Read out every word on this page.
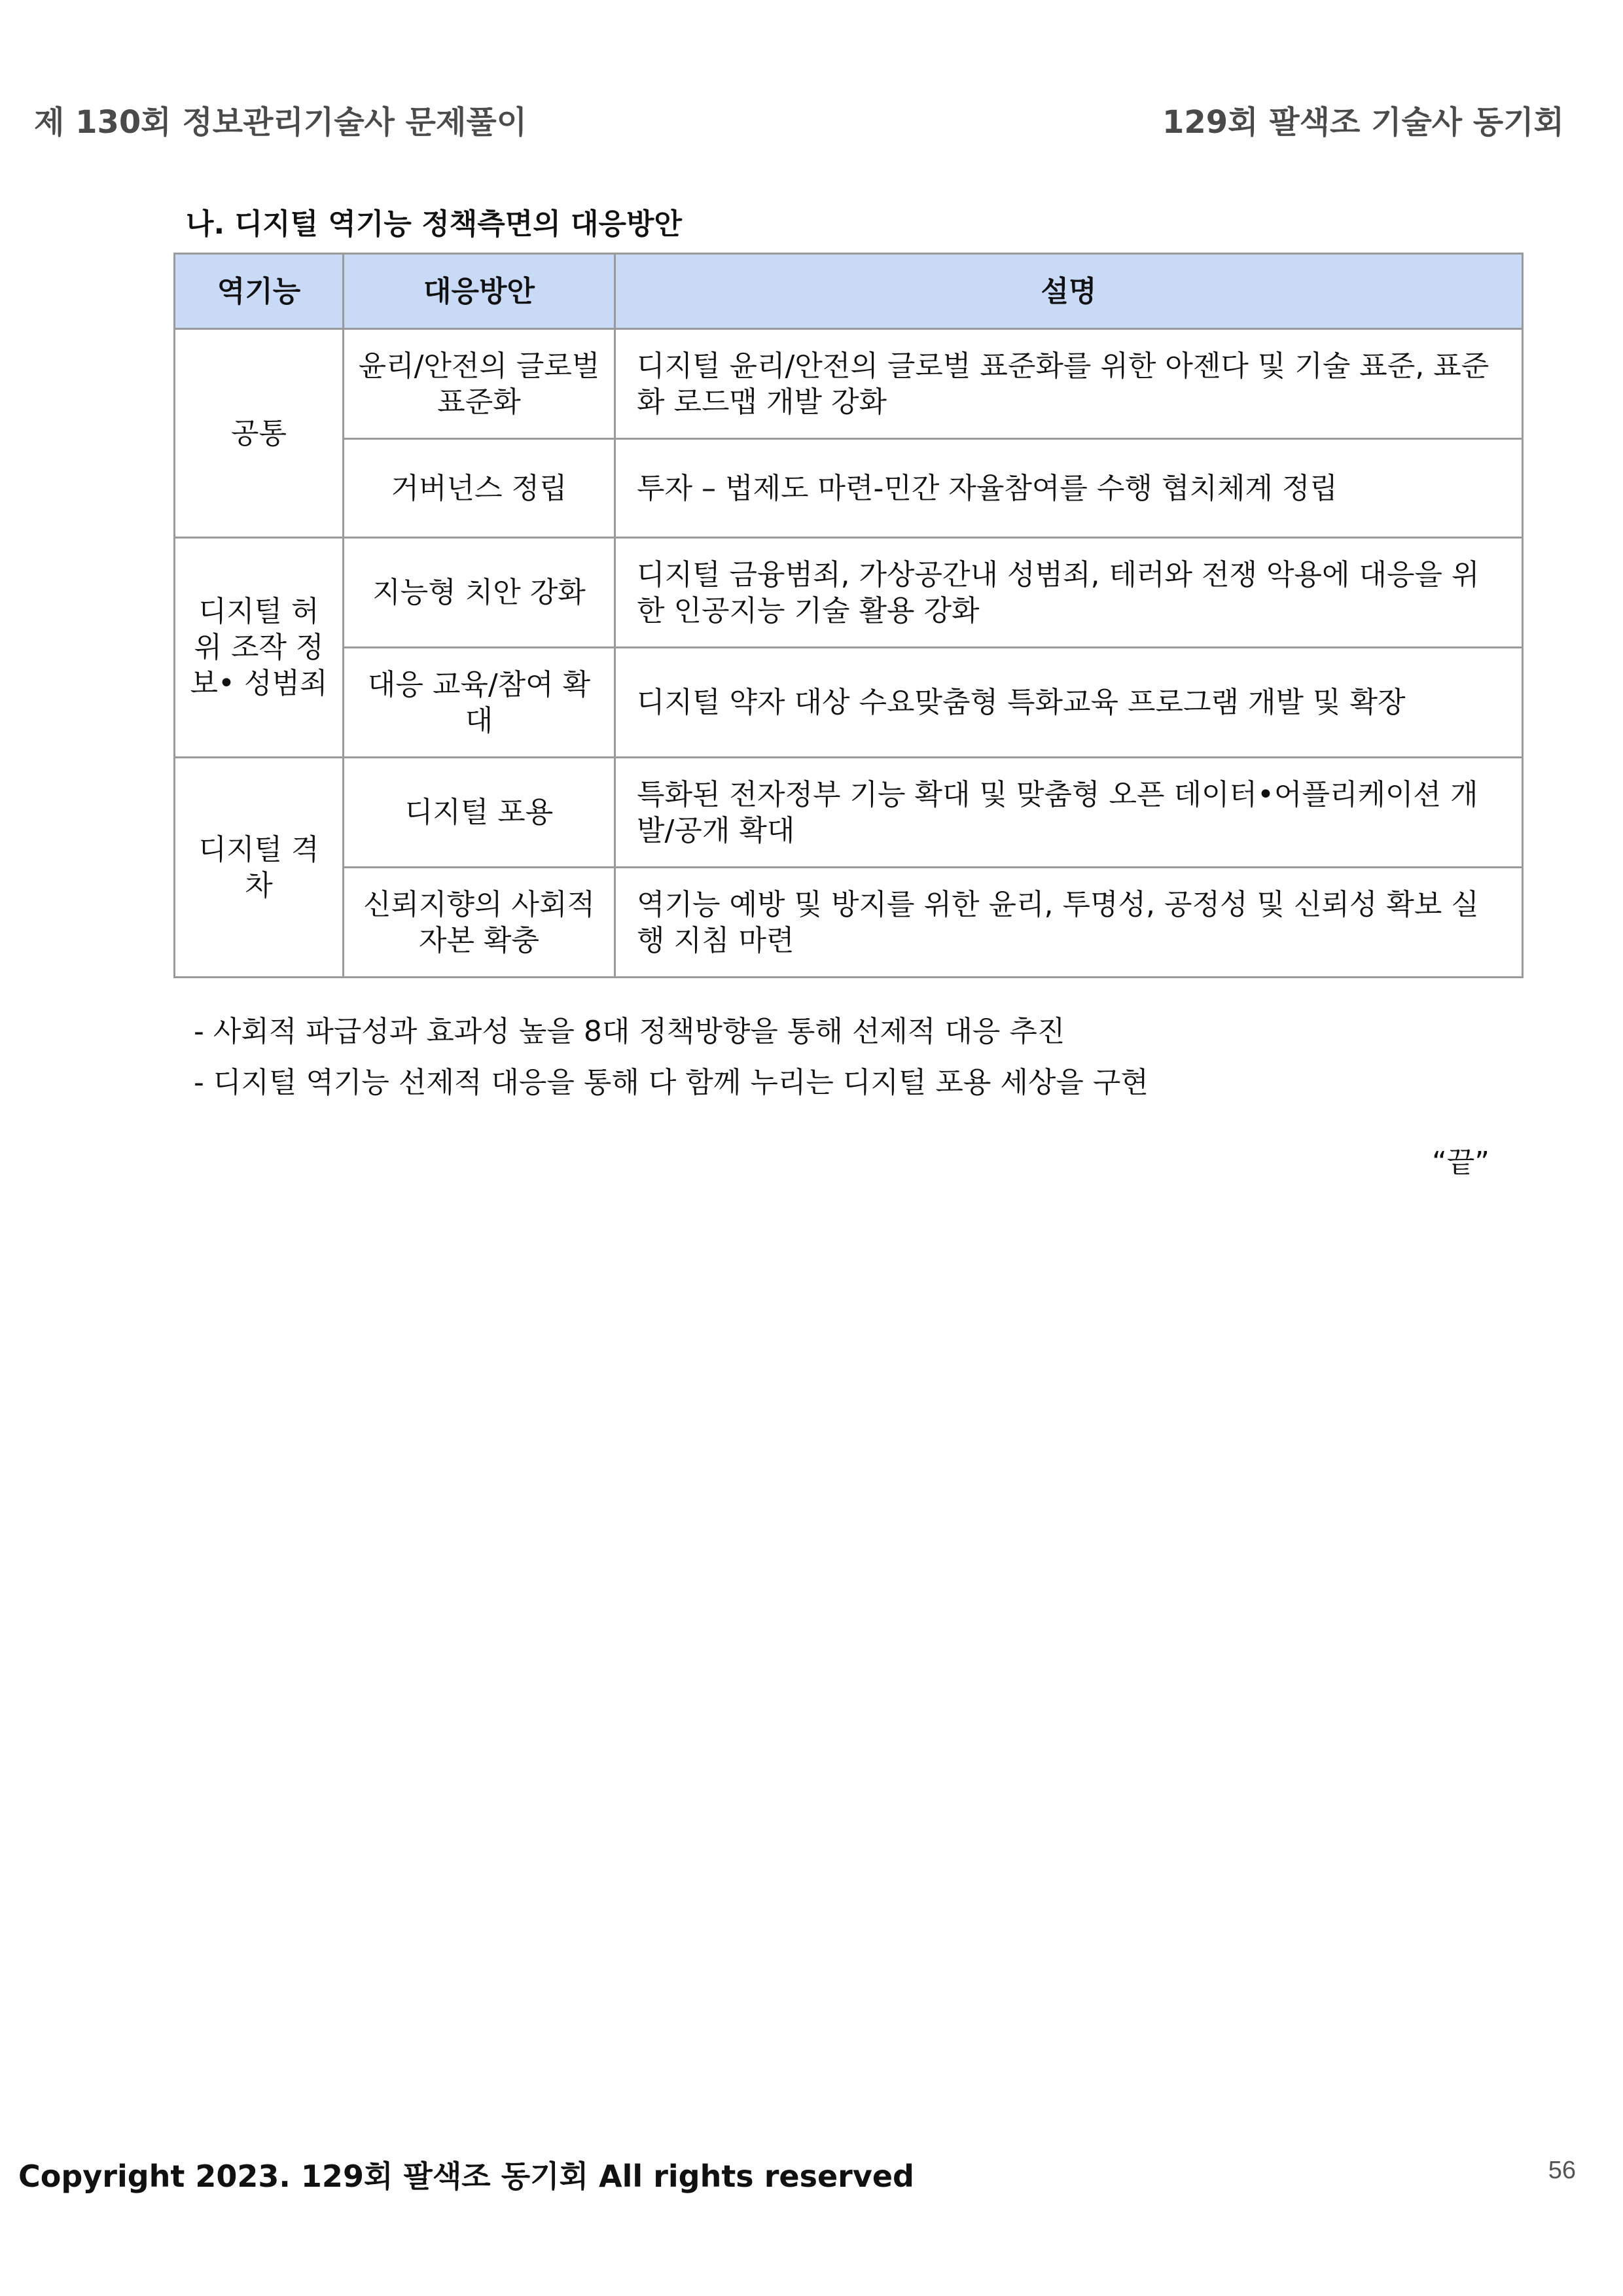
제 130회 정보관리기술사 문제풀이	129회 팔색조 기술사 동기회
나. 디지털 역기능 정책측면의 대응방안
역기능	대응방안	설명
공통	윤리/안전의 글로벌 표준화	디지털 윤리/안전의 글로벌 표준화를 위한 아젠다 및 기술 표준, 표준화 로드맵 개발 강화
	거버넌스 정립	투자 – 법제도 마련-민간 자율참여를 수행 협치체계 정립
디지털 허위 조작 정보• 성범죄	지능형 치안 강화	디지털 금융범죄, 가상공간내 성범죄, 테러와 전쟁 악용에 대응을 위한 인공지능 기술 활용 강화
	대응 교육/참여 확대	디지털 약자 대상 수요맞춤형 특화교육 프로그램 개발 및 확장
디지털 격차	디지털 포용	특화된 전자정부 기능 확대 및 맞춤형 오픈 데이터•어플리케이션 개발/공개 확대
	신뢰지향의 사회적 자본 확충	역기능 예방 및 방지를 위한 윤리, 투명성, 공정성 및 신뢰성 확보 실행 지침 마련
- 사회적 파급성과 효과성 높을 8대 정책방향을 통해 선제적 대응 추진
- 디지털 역기능 선제적 대응을 통해 다 함께 누리는 디지털 포용 세상을 구현
“끝”
Copyright 2023. 129회 팔색조 동기회 All rights reserved	56
